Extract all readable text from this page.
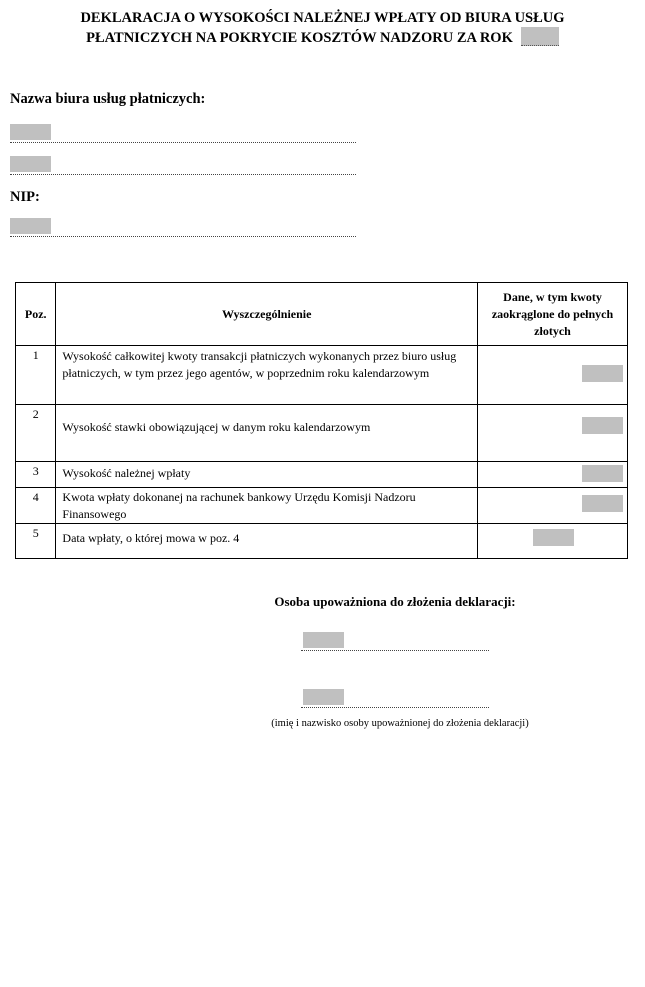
DEKLARACJA O WYSOKOŚCI NALEŻNEJ WPŁATY OD BIURA USŁUG
PŁATNICZYCH NA POKRYCIE KOSZTÓW NADZORU ZA ROK
Nazwa biura usług płatniczych:
NIP:
Poz.	Wyszczególnienie	Dane, w tym kwoty zaokrąglone do pełnych złotych
1	Wysokość całkowitej kwoty transakcji płatniczych wykonanych przez biuro usług płatniczych, w tym przez jego agentów, w poprzednim roku kalendarzowym	

2	Wysokość stawki obowiązującej w danym roku kalendarzowym	

3	Wysokość należnej wpłaty	

4	Kwota wpłaty dokonanej na rachunek bankowy Urzędu Komisji Nadzoru Finansowego	

5	Data wpłaty, o której mowa w poz. 4	
Osoba upoważniona do złożenia deklaracji:
(imię i nazwisko osoby upoważnionej do złożenia deklaracji)
